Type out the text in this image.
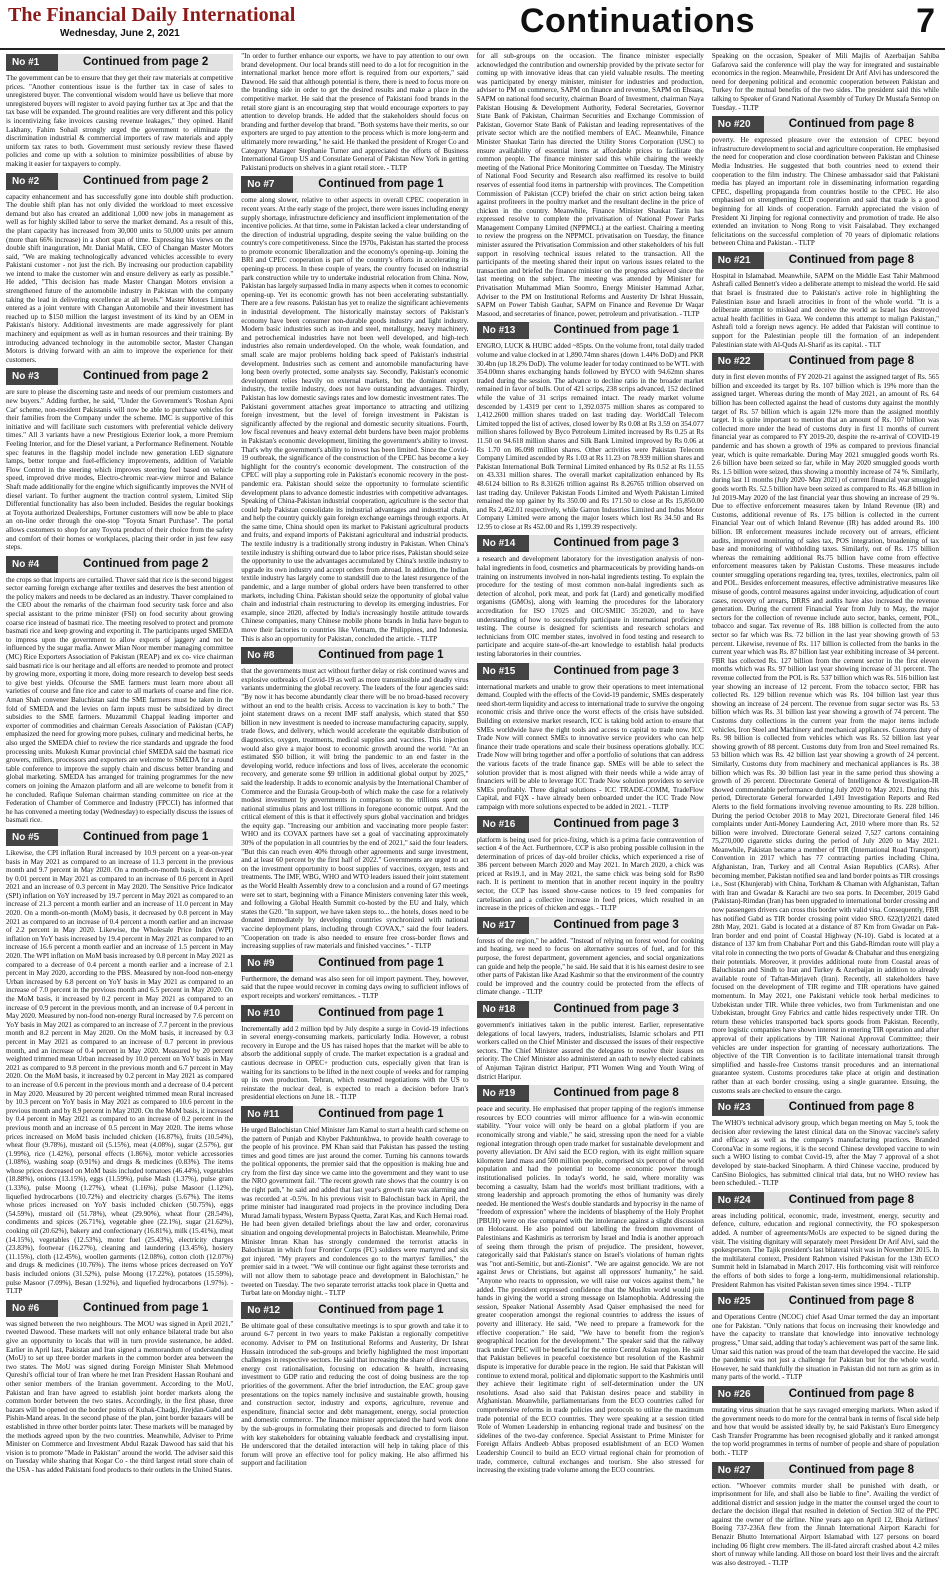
The Financial Daily International
Wednesday, June 2, 2021	Continuations	7
No #1	Continued from page 2
The government can be to ensure that they get their raw materials at competitive prices. "Another contentious issue is the further tax in case of sales to unregistered buyer. The conventional wisdom would have us believe that more unregistered buyers will register to avoid paying further tax at 3pc and that the tax base will be expanded. The ground realities are very different and this policy is incentivizing fake invoices causing revenue leakages," they opined. Hanif Lakhany, Fahim Sohail strongly urged the government to eliminate the discrimination industrial & commercial importers of raw materials and apply uniform tax rates to both. Government must seriously review these flawed policies and come up with a solution to minimize possibilities of abuse by making it easier for taxpayers to comply.
No #2	Continued from page 2
capacity enhancement and has successfully gone into double shift production. The double shift plan has not only divided the workload to meet excessive demand but also has created an additional 1,000 new jobs in management as well as for highly skilled labor to serve the market demand. As a result of this, the plant capacity has increased from 30,000 units to 50,000 units per annum (more than 66% increase) in a short span of time. Expressing his views on the double shift inauguration, Mr. Danial Malik, CEO of Changan Master Motors said, "We are making technologically advanced vehicles accessible to every Pakistani customer - not just the rich. By increasing our production capability we intend to make the customer win and ensure delivery as early as possible." He added, "This decision has made Master Changan Motors envision a strengthened future of the automobile industry in Pakistan with the company taking the lead in delivering excellence at all levels." Master Motors Limited entered as a joint venture with Changan Automobile and their investment has reached up to $150 million the largest investment of its kind by an OEM in Pakistan's history. Additional investments are made aggressively for plant machinery and equipment as well as in human resources and their training. By introducing advanced technology in the automobile sector, Master Changan Motors is driving forward with an aim to improve the experience for their customers.
No #3	Continued from page 2
are sure to please the discerning taste and needs of our premium customers and new buyers." Adding further, he said, "Under the Government's 'Roshan Apni Car' scheme, non-resident Pakistanis will now be able to purchase vehicles for their families from the Company under the scheme. IMC is supportive of this initiative and will facilitate such customers with preferential vehicle delivery times." All 3 variants have a new Prestigious Exterior look, a more Premium Feeling Interior, and for the Diesel variant, a Performance Refinement. Notable spec features in the flagship model include new generation LED signature lamps, better torque and fuel-efficiency improvements, addition of Variable Flow Control in the steering which improves steering feel based on vehicle speed, improved drive modes, Electro-chromic rear-view mirror and Balance Shaft made additionally for the engine which significantly improves the NVH of diesel variant. To further augment the traction control system, Limited Slip Differential functionality has also been included. Besides the regular bookings at Toyota authorized Dealerships, Fortuner customers will now be able to place an on-line order through the one-stop "Toyota Smart Purchase". The portal allows customers to shop for any Toyota product of their choice from the safety and comfort of their homes or workplaces, placing their order in just few easy steps.
No #4	Continued from page 2
the crops so that imports are curtailed. Thaver said that rice is the second biggest sector earning foreign exchange after textiles and deserves the best attention of the policy makers and needs to be declared as an industry. Thaver complained to the CEO about the remarks of the chairman food security task force and also special assistant to the prime minister (FSI) on food security about growing coarse rice instead of basmati rice. The meeting resolved to protect and promote basmati rice and keep growing and exporting it. The participants urged SMEDA to impress upon the government to allow exports of jaggery and not be influenced by the sugar mafia. Anwer Mian Noor member managing committee (MC) Rice Exporters Association of Pakistan (REAP) and ex co- vice chairman said basmati rice is our heritage and all efforts are needed to promote and protect by growing more, exporting it more, doing more research to develop best seeds to give best yields. Ofcourse the SME farmers must learn more about all varieties of course and fine rice and cater to all markets of coarse and fine rice. Aman Shah convener Baluchistan said the SME farmers must be taken in the fold of SMEDA and the levies on farm inputs must be subsidized by direct subsidies to the SME farmers. Muzammil Chappal leading importer and exporter of commodities and chairman Cereals Association of Pakistan (CAP) emphasized the need for growing more pulses, culinary and medicinal herbs, he also urged the SMEDA chief to review the rice standards and upgrade the food processing units. Mukesh Kumar provincial chief SMEDA said the basmati rice growers, millers, processors and exporters are welcome to SMEDA for a round table conference to improve the supply chain and discuss better branding and global marketing. SMEDA has arranged for training programmes for the new comers on joining the Amazon platform and all are welcome to benefit from it he concluded. Rafique Suleman chairman standing committee on rice at the Federation of Chamber of Commerce and Industry (FPCCI) has informed that he has convened a meeting today (Wednesday) to especially discuss the issues of basmati rice.
No #5	Continued from page 1
Likewise, the CPI inflation Rural increased by 10.9 percent on a year-on-year basis in May 2021 as compared to an increase of 11.3 percent in the previous month and 9.7 percent in May 2020. On a month-on-month basis, it decreased by 0.01 percent in May 2021 as compared to an increase of 0.6 percent in April 2021 and an increase of 0.3 percent in May 2020. The Sensitive Price Indicator (SPI) inflation on YoY increased by 19.7 percent in May 2021 as compared to an increase of 21.3 percent a month earlier and an increase of 11.0 percent in May 2020. On a month-on-month (MoM) basis, it decreased by 0.8 percent in May 2021 as compared to an increase of 0.4 percent a month earlier and an increase of 2.2 percent in May 2020. Likewise, the Wholesale Price Index (WPI) inflation on YoY basis increased by 19.4 percent in May 2021 as compared to an increase of 16.6 percent a month earlier and an increase of 1.5 percent in May 2020. The WPI inflation on MoM basis increased by 0.8 percent in May 2021 as compared to a decrease of 0.4 percent a month earlier and a increase of 2.1 percent in May 2020, according to the PBS. Measured by non-food non-energy Urban increased by 6.8 percent on YoY basis in May 2021 as compared to an increase of 7.0 percent in the previous month and 6.5 percent in May 2020. On the MoM basis, it increased by 0.2 percent in May 2021 as compared to an increase of 0.9 percent in the previous month, and an increase of 0.4 percent in May 2020. Measured by non-food non-energy Rural increased by 7.6 percent on YoY basis in May 2021 as compared to an increase of 7.7 percent in the previous month and 8.2 percent in May 2020. On the MoM basis, it increased by 0.3 percent in May 2021 as compared to an increase of 0.7 percent in previous month, and an increase of 0.4 percent in May 2020. Measured by 20 percent weighted trimmed mean Urban increased by 10.0 percent on YoY basis in May 2021 as compared to 9.8 percent in the previous month and 6.7 percent in May 2020. On the MoM basis, it increased by 0.2 percent in May 2021 as compared to an increase of 0.6 percent in the previous month and a decrease of 0.4 percent in May 2020. Measured by 20 percent weighted trimmed mean Rural increased by 10.3 percent on YoY basis in May 2021 as compared to 10.6 percent in the previous month and by 8.9 percent in May 2020. On the MoM basis, it increased by 0.4 percent in May 2021 as compared to an increase of 0.2 percent in the previous month and an increase of 0.5 percent in May 2020. The items whose prices increased on MoM basis included chicken (16.87%), fruits (10.54%), wheat flour (9.78%), mustard oil (5.15%), meat (4.08%), sugar (2.57%), gur (1.99%), rice (1.42%), personal effects (1.86%), motor vehicle accessories (1.08%), washing soap (0.91%) and drugs & medicines (0.83%). The items whose prices decreased on MoM basis included tomatoes (46.44%), vegetables (18.88%), onions (13.15%), eggs (11.59%), pulse Mash (1.37%), pulse gram (1.33%), pulse Moong (1.27%), wheat (1.16%), pulse Masoor (1.12%), liquefied hydrocarbons (10.72%) and electricity charges (5.67%). The items whose prices increased on YoY basis included chicken (50.75%), eggs (54.59%), mustard oil (51.78%), wheat (29.90%), wheat flour (28.54%), condiments and spices (26.71%), vegetable ghee (22.1%), sugar (21.62%), cooking oil (20.62%), bakery and confectionary (16.81%), milk (15.41%), meat (14.15%), vegetables (12.53%), motor fuel (25.43%), electricity charges (23.83%), footwear (16.27%), cleaning and laundering (13.45%), hosiery (11.15%), cloth (12.45%), woollen garments (12.08%), cotton cloth (12.07%) and drugs & medicines (10.76%). The items whose prices decreased on YoY basis included onions (31.52%), pulse Moong (17.22%), potatoes (15.59%), pulse Masoor (7.09%), Besan (1.92%), and liquefied hydrocarbons (1.97%). - TLTP
No #6	Continued from page 1
was signed between the two neighbours. The MOU was signed in April 2021," tweeted Dawood. These markets will not only enhance bilateral trade but also give an opportunity to locals that will in turn provide sustenance, he added. Earlier in April last, Pakistan and Iran signed a memorandum of understanding (MoU) to set up three border markets in the common border area between the two states. The MoU was signed during Foreign Minister Shah Mehmood Qureshi's official tour of Iran where he met Iran President Hassan Rouhani and other senior members of the Iranian government. According to the MoU, Pakistan and Iran have agreed to establish joint border markets along the common border between the two states. Accordingly, in the first phase, three bazars will be opened on the border points of Kuhak-Chadgi, Jirejdan-Gabd and Pishin-Mand areas. In the second phase of the plan, joint border bazaars will be established in three other border points later. These markets will be managed by the methods agreed upon by the two countries. Meanwhile, Adviser to Prime Minister on Commerce and Investment Abdul Razak Dawood has said that his vision is to promote "Made in Pakistan" around the world. The adviser said this on Tuesday while sharing that Kogar Co - the third largest retail store chain of the USA - has added Pakistani food products to their outlets in the United States.
"In order to further enhance our exports, we have to pay attention to our own brand development. Our local brands still need to do a lot for recognition in the international market hence more effort is required from our exporters," said Dawood. He said that although potential is there, there is need to focus more on the branding side in order to get the desired results and make a place in the competitive market. He said that the presence of Pakistani food brands in the retail store giant is an encouraging step that would encourage exporters to pay attention to develop brands. He added that the stakeholders should focus on branding and further develop that brand. "Both systems have their merits, so our exporters are urged to pay attention to the process which is more long-term and ultimately more rewarding," he said. He thanked the president of Kroger Co and Category Manager Stephanie Turner and appreciated the efforts of Business International Group US and Consulate General of Pakistan New York in getting Pakistani products on shelves in a giant retail store. - TLTP
No #7	Continued from page 1
come along slower, relative to other aspects in overall CPEC cooperation in recent years. At the early stage of the project, there were issues including energy supply shortage, infrastructure deficiency and insufficient implementation of the incentive policies. At that time, some in Pakistan lacked a clear understanding of the direction of industrial upgrading, despite seeing the value building on the country's core competitiveness. Since the 1970s, Pakistan has started the process to promote economic liberalization and the economy's opening-up. Joining the BRI and CPEC cooperation is part of the country's efforts in accelerating its opening-up process. In these couple of years, the country focused on industrial park construction while try to undertake industrial relocation from China. Now, Pakistan has largely surpassed India in many aspects when it comes to economic opening-up. Yet its economic growth has not been accelerating substantially. There are a few reasons. Pakistan has yet to realize the significant achievements in industrial development. The historically mainstay sectors of Pakistan's economy have been consumer non-durable goods industry and light industry. Modern basic industries such as iron and steel, metallurgy, heavy machinery, and petrochemical industries have not been well developed, and high-tech industries also remain underdeveloped. On the whole, weak foundation, and small scale are major problems holding back speed of Pakistan's industrial development. Industries such as cement and automobile manufacturing have long been overly protected, some analysts say. Secondly, Pakistan's economic development relies heavily on external markets, but the dominant export industry, the textile industry, does not have outstanding advantages. Thirdly, Pakistan has low domestic savings rates and low domestic investment rates. The Pakistani government attaches great importance to attracting and utilizing foreign investment, but the level of foreign investment in Pakistan is significantly affected by the regional and domestic security situations. Fourth, low fiscal revenues and heavy external debt burdens have been major problems in Pakistan's economic development, limiting the government's ability to invest. That's why the government's ability to invest has been limited. Since the Covid-19 outbreak, the significance of the construction of the CPEC has become a key highlight for the country's economic development. The construction of the CPEC will play a supporting role in Pakistan's economic recovery in the post-pandemic era. Pakistan should seize the opportunity to formulate scientific development plans to advance domestic industries with competitive advantages. Speaking of China-Pakistan industrial cooperation, agriculture is the sector that could help Pakistan consolidate its industrial advantages and industrial chain, and help the country quickly gain foreign exchange earnings through exports. At the same time, China should open its market to Pakistani agricultural products and fruits, and expand imports of Pakistani agricultural and industrial products. The textile industry is a traditionally strong industry in Pakistan. When China's textile industry is shifting outward due to labor price rises, Pakistan should seize the opportunity to use the advantages accumulated by China's textile industry to upgrade its own industry and accept orders from abroad. In addition, the Indian textile industry has largely come to standstill due to the latest resurgence of the pandemic, and a large number of global orders have been transferred to other markets, including China. Pakistan should seize the opportunity of global value chain and industrial chain restructuring to develop its emerging industries. For example, since 2020, affected by India's increasingly hostile attitude towards Chinese companies, many Chinese mobile phone brands in India have begun to move their factories to countries like Vietnam, the Philippines, and Indonesia. This is also an opportunity for Pakistan, concluded the article. - TLTP
No #8	Continued from page 1
that the governments must act without further delay or risk continued waves and explosive outbreaks of Covid-19 as well as more transmissible and deadly virus variants undermining the global recovery. The leaders of the four agencies said: "By now it has become abundantly clear there will be no broad-based recovery without an end to the health crisis. Access to vaccination is key to both." The joint statement draws on a recent IMF staff analysis, which stated that $50 billion in new investment is needed to increase manufacturing capacity, supply, trade flows, and delivery, which would accelerate the equitable distribution of diagnostics, oxygen, treatments, medical supplies and vaccines. This injection would also give a major boost to economic growth around the world. "At an estimated $50 billion, it will bring the pandemic to an end faster in the developing world, reduce infections and loss of lives, accelerate the economic recovery, and generate some $9 trillion in additional global output by 2025," said the leadership. It adds to economic analysis by the International Chamber of Commerce and the Eurasia Group-both of which make the case for a relatively modest investment by governments in comparison to the trillions spent on national stimulus plans and lost trillions in foregone economic output. And the critical element of this is that it effectively spurs global vaccination and bridges the equity gap. "Increasing our ambition and vaccinating more people faster: WHO and its COVAX partners have set a goal of vaccinating approximately 30% of the population in all countries by the end of 2021," said the four leaders. "But this can reach even 40% through other agreements and surge investment, and at least 60 percent by the first half of 2022." Governments are urged to act on the investment opportunity to boost supplies of vaccines, oxygen, tests and treatments. The IMF, WBG, WHO and WTO leaders issued their joint statement as the World Health Assembly drew to a conclusion and a round of G7 meetings were set to start, beginning with a Finance Ministers convening later this week, and following a Global Health Summit co-hosted by the EU and Italy, which states the G20. "In support, we have taken steps to... the hotels, doses need to be donated immediately by developing countries synchronized with national vaccine deployment plans, including through COVAX," said the four leaders. "Cooperation on trade is also needed to ensure free cross-border flows and increasing supplies of raw materials and finished vaccines." - TLTP
No #9	Continued from page 1
Furthermore, the demand was also seen for oil import payment. They, however, said that the rupee would recover in coming days owing to sufficient inflows of export receipts and workers' remittances. - TLTP
No #10	Continued from page 1
Incrementally add 2 million bpd by July despite a surge in Covid-19 infections in several energy-consuming markets, particularly India. However, a robust recovery in Europe and the US has raised hopes that the market will be able to absorb the additional supply of crude. The market expectation is a gradual and cautious decrease in OPEC+ production cuts, especially given that Iran is waiting for its sanctions to be lifted in the next couple of weeks and for ramping up its own production. Tehran, which resumed negotiations with the US to reinstate the nuclear deal, is expected to reach a decision before Iran's presidential elections on June 18. - TLTP
No #11	Continued from page 1
He urged Balochistan Chief Minister Jam Kamal to start a health card scheme on the pattern of Punjab and Khyber Pakhtunkhwa, to provide health coverage to the people of his province. PM Khan said that Pakistan has passed the testing times and good times are just around the corner. Turning his cannons towards the political opponents, the premier said that the opposition is making hue and cry from the first day since we came into the government and they want to use the NRO government fail. "The recent growth rate shows that the country is on the right path," he said and added that last year's growth rate was alarming and was recorded at -0.5%. In his previous visit to Balochistan back in April, the prime minister had inaugurated road projects in the province including Dera Murad Jamali bypass, Western Bypass Quetta, Zarat Kas, and Kuch Hernai road. He had been given detailed briefings about the law and order, coronavirus situation and ongoing developmental projects in Balochistan. Meanwhile, Prime Minister Imran Khan has strongly condemned the terrorist attacks in Balochistan in which four Frontier Corps (FC) soldiers were martyred and six got injured. "My prayers and condolences go to the martyrs' families," the premier said in a tweet. "We will continue our fight against these terrorists and will not allow them to sabotage peace and development in Balochistan," he tweeted on Tuesday. The two separate terrorist attacks took place in Quetta and Turbat late on Monday night. - TLTP
No #12	Continued from page 1
Be ultimate goal of these consultative meetings is to spur growth and take it to around 6-7 percent in two years to make Pakistan a regionally competitive economy. Adviser to PM on Institutional Reforms and Austerity, Dr Ishrat Hussain introduced the sub-groups and briefly highlighted the most important challenges in respective sectors. He said that increasing the share of direct taxes, energy cost rationalisation, focusing on education & health, increasing investment to GDP ratio and reducing the cost of doing business are the top priorities of the government. After the brief introduction, the EAC group gave presentations on the topics namely inclusive and sustainable growth, housing and construction sector, industry and exports, agriculture, revenue and expenditure, financial sector and debt management, energy, social protection and domestic commerce. The finance minister appreciated the hard work done by the sub-groups in formulating their proposals and directed to form liaison with key stakeholders for obtaining valuable feedback and crystallising input. He underscored that the detailed interaction will help in taking place of this forum will prove an effective tool for policy making. He also affirmed his support and facilitation
for all sub-groups on the occasion. The finance minister especially acknowledged the contribution and ownership provided by the private sector for coming up with innovative ideas that can yield valuable results. The meeting was participated by energy minister, minister for industries and production, adviser to PM on commerce, SAPM on finance and revenue, SAPM on Ehsaas, SAPM on national food security, chairman Board of Investment, chairman Naya Pakistan Housing & Development Authority, Federal Secretaries, Governor State Bank of Pakistan, Chairman Securities and Exchange Commission of Pakistan, Governor State Bank of Pakistan and leading representatives of the private sector which are the notified members of EAC. Meanwhile, Finance Minister Shaukat Tarin has directed the Utility Stores Corporation (USC) to ensure availability of essential items at affordable prices to facilitate the common people. The finance minister said this while chairing the weekly meeting of the National Price Monitoring Committee on Tuesday. The Ministry of National Food Security and Research also reaffirmed its resolve to build reserves of essential food items in partnership with provinces. The Competition Commission of Pakistan (CCP) briefed the chair on strict action being taken against profiteers in the poultry market and the resultant decline in the price of chicken in the country. Meanwhile, Finance Minister Shaukat Tarin has expressed resolve to complete the privatisation of National Power Parks Management Company Limited (NPPMCL) at the earliest. Chairing a meeting to review the progress on the NPPMCL privatisation on Tuesday, the finance minister assured the Privatisation Commission and other stakeholders of his full support in resolving technical issues related to the transaction. All the participants of the meeting shared their input on various issues related to the transaction and briefed the finance minister on the progress achieved since the last meeting on the subject. The meeting was attended by Minister for Privatisation Muhammad Mian Soomro, Energy Minister Hammad Azhar, Adviser to the PM on Institutional Reforms and Austerity Dr Ishrat Hussain, SAPM on Power Tabish Gauhar, SAPM on Finance and Revenue Dr Waqar Masood, and secretaries of finance, power, petroleum and privatisation. - TLTP
No #13	Continued from page 1
ENGRO, LUCK & HUBC added ~85pts. On the volume front, total daily traded volume and value clocked in at 1,890.74mn shares (down 1.44% DoD) and PKR 30.4bn (up 18.2% DoD). The volume leader for today continued to be WTL with 354.00mn shares exchanging hands followed by BYCO with 94.62mn shares traded during the session. The advance to decline ratio in the broader market remained in favor of bulls. Out of 421 scrips, 238 scrips advanced, 152 declined while the value of 31 scrips remained intact. The ready market volume descended by 1.4319 per cent to 1,392.0375 million shares as compared to 1,412.2600 million shares traded on last trading day. WorldCall Telecom Limited topped the list of actives, closed lower by Rs 0.08 at Rs 3.59 on 354.077 million shares followed by Byco Petroleum Limited increased by Rs 0.25 at Rs 11.50 on 94.618 million shares and Silk Bank Limited improved by Rs 0.06 at Rs 1.70 on 86.098 million shares. Other activities were Pakistan Telecom Company Limited ascended by Rs 1.03 at Rs 11.23 on 78.939 million shares and Pakistan International Bulk Terminal Limited enhanced by Rs 0.52 at Rs 11.55 on 43.331 million shares. The overall market capitalization enhanced by Rs 48.6124 billion to Rs 8.31626 trillion against Rs 8.26765 trillion observed on last trading day. Unilever Pakistan Foods Limited and Wyeth Pakistan Limited remained the top gainer by Rs 350.00 and Rs 171.50 to close at Rs 15,850.00 and Rs 2,462.01 respectively, while Gatron Industries Limited and Indus Motor Company Limited were among the major losers which lost Rs 34.50 and Rs 12.95 to close at Rs 452.00 and Rs 1,199.39 respectively.
No #14	Continued from page 3
a research and development laboratory for the investigation analysis of non-halal ingredients in food, cosmetics and pharmaceuticals by providing hands-on training on instruments involved in non-halal ingredients testing. To explain the procedure for the testing of most common non-halal ingredients such as detection of alcohol, pork meat, and pork fat (Lard) and genetically modified organisms (GMOs), along with learning the procedures for the laboratory accreditation for ISO 17025 and OIC/SMIIC 35:2020, and to have understanding of how to successfully participate in international proficiency testing. The course is designed for scientists and research scholars and technicians from OIC member states, involved in food testing and research to participate and acquire state-of-the-art knowledge to establish halal products testing laboratories in their countries.
No #15	Continued from page 3
international markets and unable to grow their operations to meet international demand. Coupled with the effects of the Covid-19 pandemic, SMEs desperately need short-term liquidity and access to international trade to survive the ongoing economic crisis and thrive once the worst effects of the crisis have subsided. Building on extensive market research, ICC is taking bold action to ensure that SMEs worldwide have the right tools and access to capital to trade now. ICC Trade Now will connect SMEs to innovative service providers who can help finance their trade operations and scale their business operations globally. ICC Trade Now will bring together and offer a portfolio of solutions that can address the various facets of the trade finance gap. SMEs will be able to select the solution provider that is most aligned with their needs while a wide array of financiers will be able to leverage ICC Trade Now solution providers to service SMEs profitably. Three digital solutions - ICC TRADE-COMM, TradeFlow Capital, and FQX - have already been onboarded under the ICC Trade Now campaign with more solutions expected to be added in 2021. - TLTP
No #16	Continued from page 3
platform is being used for price-fixing, which is a prima facie contravention of section 4 of the Act. Furthermore, CCP is also probing possible collusion in the determination of prices of day-old broiler chicks, which experienced a rise of 386 percent between March 2020 and May 2021. In March 2020, a chick was priced at Rs19.1, and in May 2021, the same chick was being sold for Rs90 each. It is pertinent to mention that in another recent inquiry in the poultry sector, the CCP has issued show-cause notices to 19 feed companies for cartelisation and a collective increase in feed prices, which resulted in an increase in the prices of chicken and eggs. - TLTP
No #17	Continued from page 3
forests of the region," he added. "Instead of relying on forest wood for cooking and heating, we need to focus on alternative sources of fuel, and for this purpose, the forest department, government agencies, and social organizations can guide and help the people," he said. He said that it is his earnest desire to see other parts of Pakistan like Azad Kashmir so that the environment of the country could be improved and the country could be protected from the effects of climate change. - TLTP
No #18	Continued from page 3
government's initiatives taken in the public interest. Earlier, representative delegations of local lawyers, traders, industrialists, Islamic scholars and PTI workers called on the Chief Minister and discussed the issues of their respective sectors. The Chief Minister assured the delegates to resolve their issues on priority. The Chief Minister also administered an oath to newly elected cabinets of Anjuman Tajiran district Haripur, PTI Women Wing and Youth Wing of district Haripur.
No #19	Continued from page 8
peace and security. He emphasised that proper tapping of the region's immense resources by ECO countries will mirror affluence for a win-win economic stability. "Your voice will only be heard on a global platform if you are economically strong and viable," he said, stressing upon the need for a viable regional integration through open trade market for sustainable development and poverty alleviation. Dr Alvi said the ECO region, with its eight million square kilometre land mass and 500 million people, comprised six percent of the world population and had the potential to become economic power through institutionalised policies. In today's world, he said, where morality was becoming a casualty, Islam had the world's most brilliant traditions, with a strong leadership and approach promoting the ethos of humanity was direly needed. He mentioned the West's double standards and hypocrisy in the name of "freedom of expression" where the incidents of blasphemy of the Holy Prophet (PBUH) were on rise compared with the intolerance against a slight discussion on Holocaust. He also pointed out labelling the freedom movement of Palestinians and Kashmiris as terrorism by Israel and India is another approach of seeing them through the prism of prejudice. The president, however, categorically said that Pakistan's stance on Israel's violations of human rights was "not anti-Semitic, but anti-Zionist". "We are against genocide. We are not against Jews or Christians, but against all oppressors' humanity," he said. "Anyone who reacts to oppression, we will raise our voices against them," he added. The president expressed confidence that the Muslim world would join hands in giving the world a strong message on Islamophobia. Addressing the session, Speaker National Assembly Asad Qaiser emphasised the need for greater cooperation amongst the regional countries to address the issues of poverty and illiteracy. He said, "We need to prepare a framework for the effective cooperation." He said, "We have to benefit from the region's geographical location for the development." The speaker said that the railway track under CPEC will be beneficial for the entire Central Asian region. He said that Pakistan believes in peaceful coexistence but resolution of the Kashmir dispute is imperative for durable peace in the region. He said that Pakistan will continue to extend moral, political and diplomatic support to the Kashmiris until they achieve their legitimate right of self-determination under the UN resolutions. Asad also said that Pakistan desires peace and stability in Afghanistan. Meanwhile, parliamentarians from the ECO countries called for comprehensive reforms in trade policies and protocols to utilize the maximum trade potential of the ECO countries. They were speaking at a session titled 'Role of Women Leadership in enhancing regional trade and business' on the sidelines of the two-day conference. Special Assistant to Prime Minister for Foreign Affairs Andleeb Abbas proposed establishment of an ECO Women Leadership Council to build an ECO virtual regional chain for promotion of trade, commerce, cultural exchanges and tourism. She also stressed for increasing the existing trade volume among the ECO countries.
Speaking on the occasion, Speaker of Mili Majlis of Azerbaijan Sahiba Gafarova said the conference will play the way for integrated and sustainable economics in the region. Meanwhile, President Dr Arif Alvi has underscored the need for deepening political and economic cooperation between Pakistan and Turkey for the mutual benefits of the two sides. The president said this while talking to Speaker of Grand National Assembly of Turkey Dr Mustafa Sentop on Tuesday. - TLTP
No #20	Continued from page 8
poverty. He expressed pleasure over the extension of CPEC beyond infrastructure development to social and agriculture cooperation. He emphasised the need for cooperation and close coordination between Pakistan and Chinese Media Industries. He suggested that both countries need to extend their cooperation to the film industry. The Chinese ambassador said that Pakistani media has played an important role in disseminating information regarding CPEC, dispelling propaganda from countries hostile to the CPEC. He also emphasised on strengthening ECD cooperation and said that trade is a good beginning for all kinds of cooperation. Farrukh appreciated the vision of President Xi Jinping for regional connectivity and promotion of trade. He also extended an invitation to Nong Rong to visit Faisalabad. They exchanged felicitations on the successful completion of 70 years of diplomatic relations between China and Pakistan. - TLTP
No #21	Continued from page 8
Hospital in Islamabad. Meanwhile, SAPM on the Middle East Tahir Mahmood Ashrafi called Bennett's video a deliberate attempt to mislead the world. He said that Israel is frustrated due to Pakistan's active role in highlighting the Palestinian issue and Israeli atrocities in front of the whole world. "It is a deliberate attempt to mislead and deceive the world as Israel has destroyed actual health facilities in Gaza. We condemn this attempt to malign Pakistan," Ashrafi told a foreign news agency. He added that Pakistan will continue to support for the Palestinian people till the formation of an independent Palestinian state with Al-Quds Al-Sharif as its capital. - TLT
No #22	Continued from page 8
duty in first eleven months of FY 2020-21 against the assigned target of Rs. 565 billion and exceeded its target by Rs. 107 billion which is 19% more than the assigned target. Whereas during the month of May 2021, an amount of Rs. 64 billion has been collected against the head of customs duty against the monthly target of Rs. 57 billion which is again 12% more than the assigned monthly target. It is quite important to mention that an amount of Rs. 107 billion was collected more under the head of customs duty in first 11 months of current financial year as compared to FY 2019-20, despite the re-arrival of COVID-19 pandemic and has shown a growth of 19% as compared to previous financial year, which is quite remarkable. During May 2021 smuggled goods worth Rs. 2.6 billion have been seized so far, while in May 2020 smuggled goods worth Rs. 1.5 billion were seized, thus showing a monthly increase of 74 %. Similarly, during last 11 months (July 2020- May 2021) of current financial year smuggled goods worth Rs. 52.5 billion have been seized as compared to Rs. 46.8 billion in Jul 2019-May 2020 of the last financial year thus showing an increase of 29 %. Due to effective enforcement measures taken by Inland Revenue (IR) and Customs, additional revenue of Rs. 175 billion is collected in the current Financial Year out of which Inland Revenue (IR) has added around Rs. 100 billion. IR enforcement measures include recovery out of arrears, efficient audits, improved monitoring of sales tax, POS integration, broadening of tax base and monitoring of withholding taxes. Similarly, out of Rs. 175 billion whereas the remaining additional Rs.75 billion have come from effective enforcement measures taken by Pakistan Customs. These measures include counter smuggling operations regarding tea, tyres, textiles, electronics, palm oil and POL. Besides enforcement measures, effective administrative measures like misuse of goods, control measures against under invoicing, adjudication of court cases, recovery of arrears, DRRS and audits have also increased the revenue generation. During the current Financial Year from July to May, the major sectors for the collection of revenue include auto sector, banks, cement, POL, tobacco and sugar. Tax revenue of Rs. 188 billion is collected from the auto sector so far which was Rs. 72 billion in the last year showing growth of 53 percent. Likewise, revenue of Rs. 117 billion is collected from the banks in the current year which was Rs. 87 billion last year exhibiting increase of 34 percent. FBR has collected Rs. 127 billion from the cement sector in the first eleven months which was Rs. 97 billion last year showing increase of 31 percent. The revenue collected from the POL is Rs. 537 billion which was Rs. 516 billion last year showing an increase of 12 percent. From the tobacco sector, FBR has collected Rs. 129 billion revenue which was Rs. 104 billion last year thus showing an increase of 24 percent. The revenue from sugar sector was Rs. 53 billion which was Rs. 31 billion last year showing a growth of 74 percent. The Customs duty collections in the current year from the major items include vehicles, Iron Steel and Machinery and mechanical appliances. Customs duty of Rs. 98 billion is collected from vehicles which was Rs. 52 billion last year showing growth of 88 percent. Customs duty from Iron and Steel remained Rs. 53 billion which was Rs. 42 billion last year showing a growth of 24 percent. Similarly, Customs duty from machinery and mechanical appliances is Rs. 38 billion which was Rs. 30 billion last year in the same period thus showing a growth of 26 percent. Directorate General of Intelligence & Investigation-IR showed commendable performance during July 2020 to May 2021. During this period, Directorate General forwarded 1,491 Investigation Reports and Red Alerts to the field formations involving revenue amounting to Rs. 228 billion. During the period October 2018 to May 2021, Directorate General filed 146 complaints under Anti-Money Laundering Act, 2010 where more than Rs. 52 billion were involved. Directorate General seized 7,527 cartons containing 75,270,000 cigarette sticks during the period of July 2020 to May 2021. Meanwhile, Pakistan became a member of TIR (International Road Transport) Convention in 2017 which has 77 contracting parties including China, Afghanistan, Iran, Turkey and all Central Asian Republics (CARs). After becoming member, Pakistan notified sea and land border points as TIR crossings i.e., Sost (Khunjerab) with China, Torkham & Chaman with Afghanistan, Taftan with Iran and Gwadar & Karachi are two sea ports. In December, 2019 Gabd (Pakistan)-Rimdan (Iran) has been upgraded to international border crossing and now passengers drivers can cross this border with valid visa. Consequently, FBR has notified Gabd as TIR border crossing point video SRO. 622(I)/2021 dated 28th May, 2021. Gabd is located at a distance of 87 Km from Gwadar on Pak-Iran border and end point of Coastal Highway (N-10). Gabd is located at a distance of 137 km from Chabahar Port and this Gabd-Rimdan route will play a vital role in connecting the two ports of Gwadar & Chabahar and thus energizing their potentials. Moreover, it provides additional route from Coastal areas of Baluchistan and Sindh to Iran and Turkey & Azerbaijan in addition to already available route of Taftan-Mirjaveh (Iran). Recently, all stakeholders have focused on the development of TIR regime and TIR operations have gained momentum. In May 2021, one Pakistani vehicle took herbal medicines to Uzbekistan under TIR. While three vehicles, two from Turkmenistan and one Uzbekistan, brought Grey Fabrics and cattle hides respectively under TIR. On return these vehicles transported back sports goods from Pakistan. Recently, more logistic companies have shown interest in entering TIR operation and after approval of their applications by TIR National Approval Committee; their vehicles are under inspection for granting of necessary authorizations. The objective of the TIR Convention is to facilitate international transit through simplified and hassle-free Customs transit procedures and an international guarantee system. Customs procedures take place at origin and destination rather than at each border crossing, using a single guarantee. Ensuing, the customs seals are checked to ensure the cargo.
No #23	Continued from page 8
The WHO's technical advisory group, which began meeting on May 5, took the decision after reviewing the latest clinical data on the Sinovac vaccine's safety and efficacy as well as the company's manufacturing practices. Branded CoronaVac in some regions, it is the second Chinese developed vaccine to win such a WHO listing to combat Covid-19, after the May 7 approval of a shot developed by state-backed Sinopharm. A third Chinese vaccine, produced by CanSino Biologics, has submitted clinical trial data, but no WHO review has been scheduled. - TLTP
No #24	Continued from page 8
areas including political, economic, trade, investment, energy, security and defence, culture, education and regional connectivity, the FO spokesperson added. A number of agreements/MoUs are expected to be signed during the visit. The visiting dignitary will separately meet President Dr Arif Alvi, said the spokesperson. The Tajik president's last bilateral visit was in November 2015. In the multilateral context, President Rahmon visited Pakistan for the 13th ECO Summit held in Islamabad in March 2017. His forthcoming visit will reinforce the efforts of both sides to forge a long-term, multidimensional relationship. President Rahmon has visited Pakistan seven times since 1994. - TLTP
No #25	Continued from page 8
and Operations Centre (NCOC) chief Asad Umar termed the day an important one for Pakistan. "Only nations that focus on increasing their knowledge and have the capacity to translate that knowledge into innovative technology progress," Umar said, adding that today's achievement was part of the same link. Umar said this nation was proud of the team that developed the vaccine. He said the pandemic was not just a challenge for Pakistan but for the whole world. However, he said thankfully the situation in Pakistan did not turn as grim as in many parts of the world. - TLTP
No #26	Continued from page 8
mutating virus situation that he says ravaged emerging markets. When asked if the government needs to do more for the central bank in terms of fiscal side help and how that would be assisted ideally by, he said Pakistan's Euro Emergency Cash Transfer Programme has been recognised globally and it ranked amongst the top world programmes in terms of number of people and share of population both. - TLTP
No #27	Continued from page 8
ection. "Whoever commits murder shall be punished with death, or imprisonment for life, and shall also be liable to fine". Availing the verdict of additional district and session judge in the matter the counsel urged the court to declare the decision illegal that resulted in deletion of Section 302 of the PPC against the owner of the airline. Nine years ago on April 12, Bhoja Airlines' Boeing 737-236A flew from the Jinnah International Airport Karachi for Benazir Bhutto International Airport Islamabad with 127 persons on board including 06 flight crew members. The ill-fated aircraft crashed about 4.2 miles short of runway while landing. All those on board lost their lives and the aircraft was also destroyed. - TLTP
